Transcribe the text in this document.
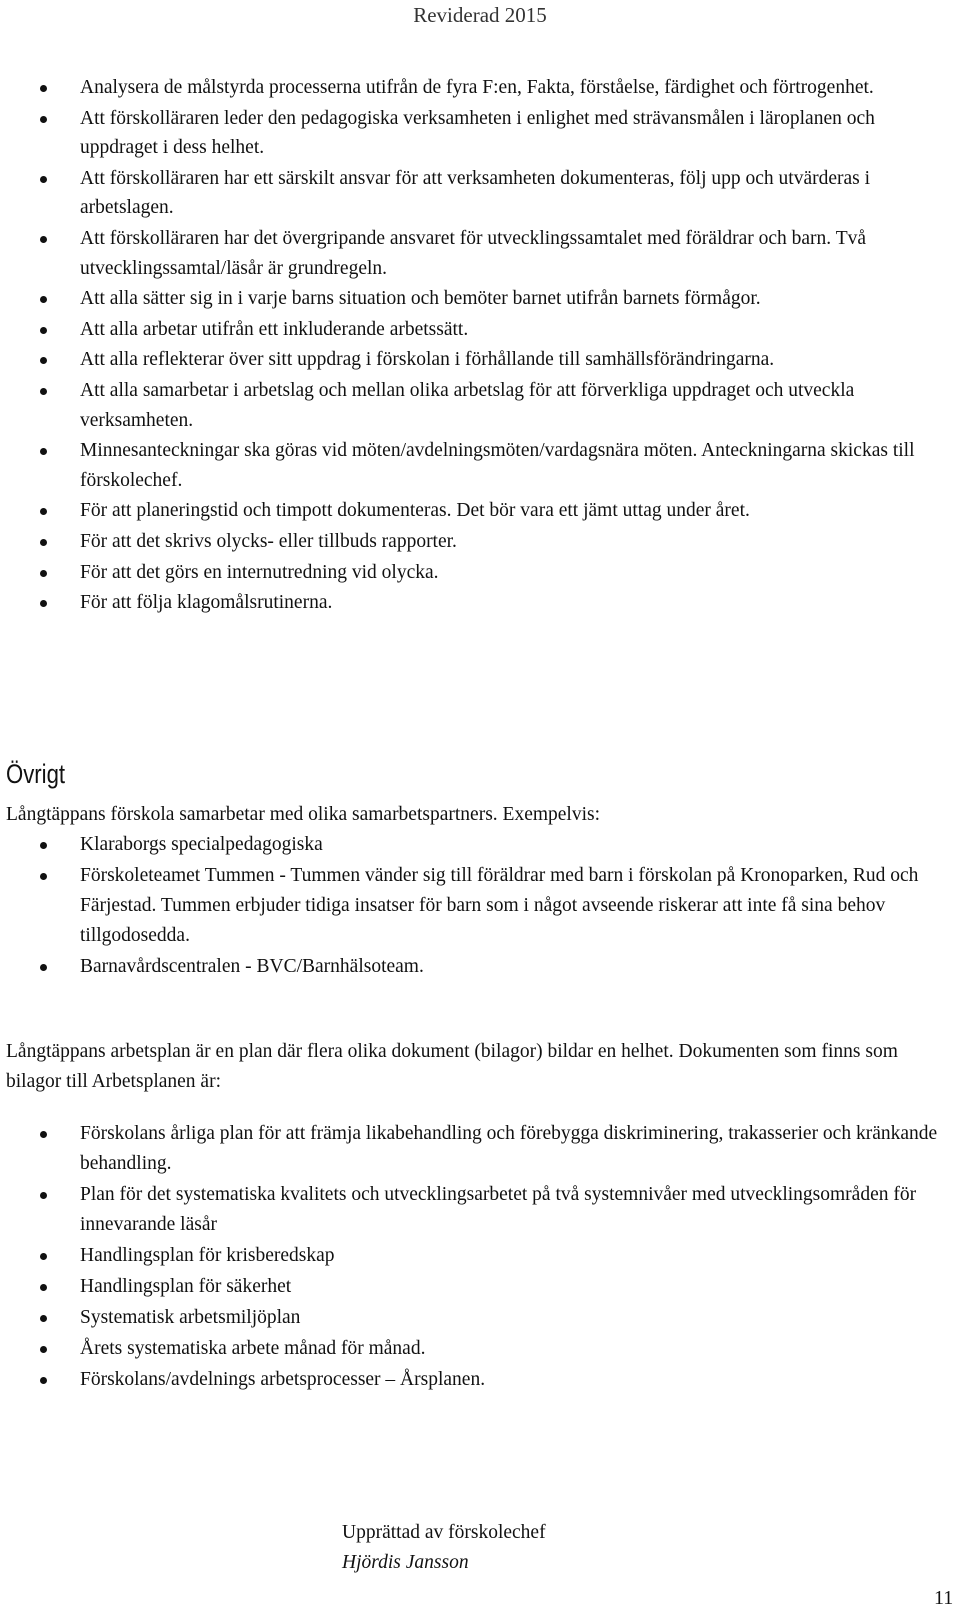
Reviderad 2015
Analysera de målstyrda processerna utifrån de fyra F:en, Fakta, förståelse, färdighet och förtrogenhet.
Att förskolläraren leder den pedagogiska verksamheten i enlighet med strävansmålen i läroplanen och uppdraget i dess helhet.
Att förskolläraren har ett särskilt ansvar för att verksamheten dokumenteras, följ upp och utvärderas i arbetslagen.
Att förskolläraren har det övergripande ansvaret för utvecklingssamtalet med föräldrar och barn. Två utvecklingssamtal/läsår är grundregeln.
Att alla sätter sig in i varje barns situation och bemöter barnet utifrån barnets förmågor.
Att alla arbetar utifrån ett inkluderande arbetssätt.
Att alla reflekterar över sitt uppdrag i förskolan i förhållande till samhällsförändringarna.
Att alla samarbetar i arbetslag och mellan olika arbetslag för att förverkliga uppdraget och utveckla verksamheten.
Minnesanteckningar ska göras vid möten/avdelningsmöten/vardagsnära möten. Anteckningarna skickas till förskolechef.
För att planeringstid och timpott dokumenteras. Det bör vara ett jämt uttag under året.
För att det skrivs olycks- eller tillbuds rapporter.
För att det görs en internutredning vid olycka.
För att följa klagomålsrutinerna.
Övrigt

Långtäppans förskola samarbetar med olika samarbetspartners. Exempelvis:

Klaraborgs specialpedagogiska
Förskoleteamet Tummen - Tummen vänder sig till föräldrar med barn i förskolan på Kronoparken, Rud och Färjestad. Tummen erbjuder tidiga insatser för barn som i något avseende riskerar att inte få sina behov tillgodosedda.
Barnavårdscentralen - BVC/Barnhälsoteam.

Långtäppans arbetsplan är en plan där flera olika dokument (bilagor) bildar en helhet. Dokumenten som finns som bilagor till Arbetsplanen är:

Förskolans årliga plan för att främja likabehandling och förebygga diskriminering, trakasserier och kränkande behandling.
Plan för det systematiska kvalitets och utvecklingsarbetet på två systemnivåer med utvecklingsområden för innevarande läsår
Handlingsplan för krisberedskap
Handlingsplan för säkerhet
Systematisk arbetsmiljöplan
Årets systematiska arbete månad för månad.
Förskolans/avdelnings arbetsprocesser – Årsplanen.
Upprättad av förskolechef
Hjördis Jansson
11
